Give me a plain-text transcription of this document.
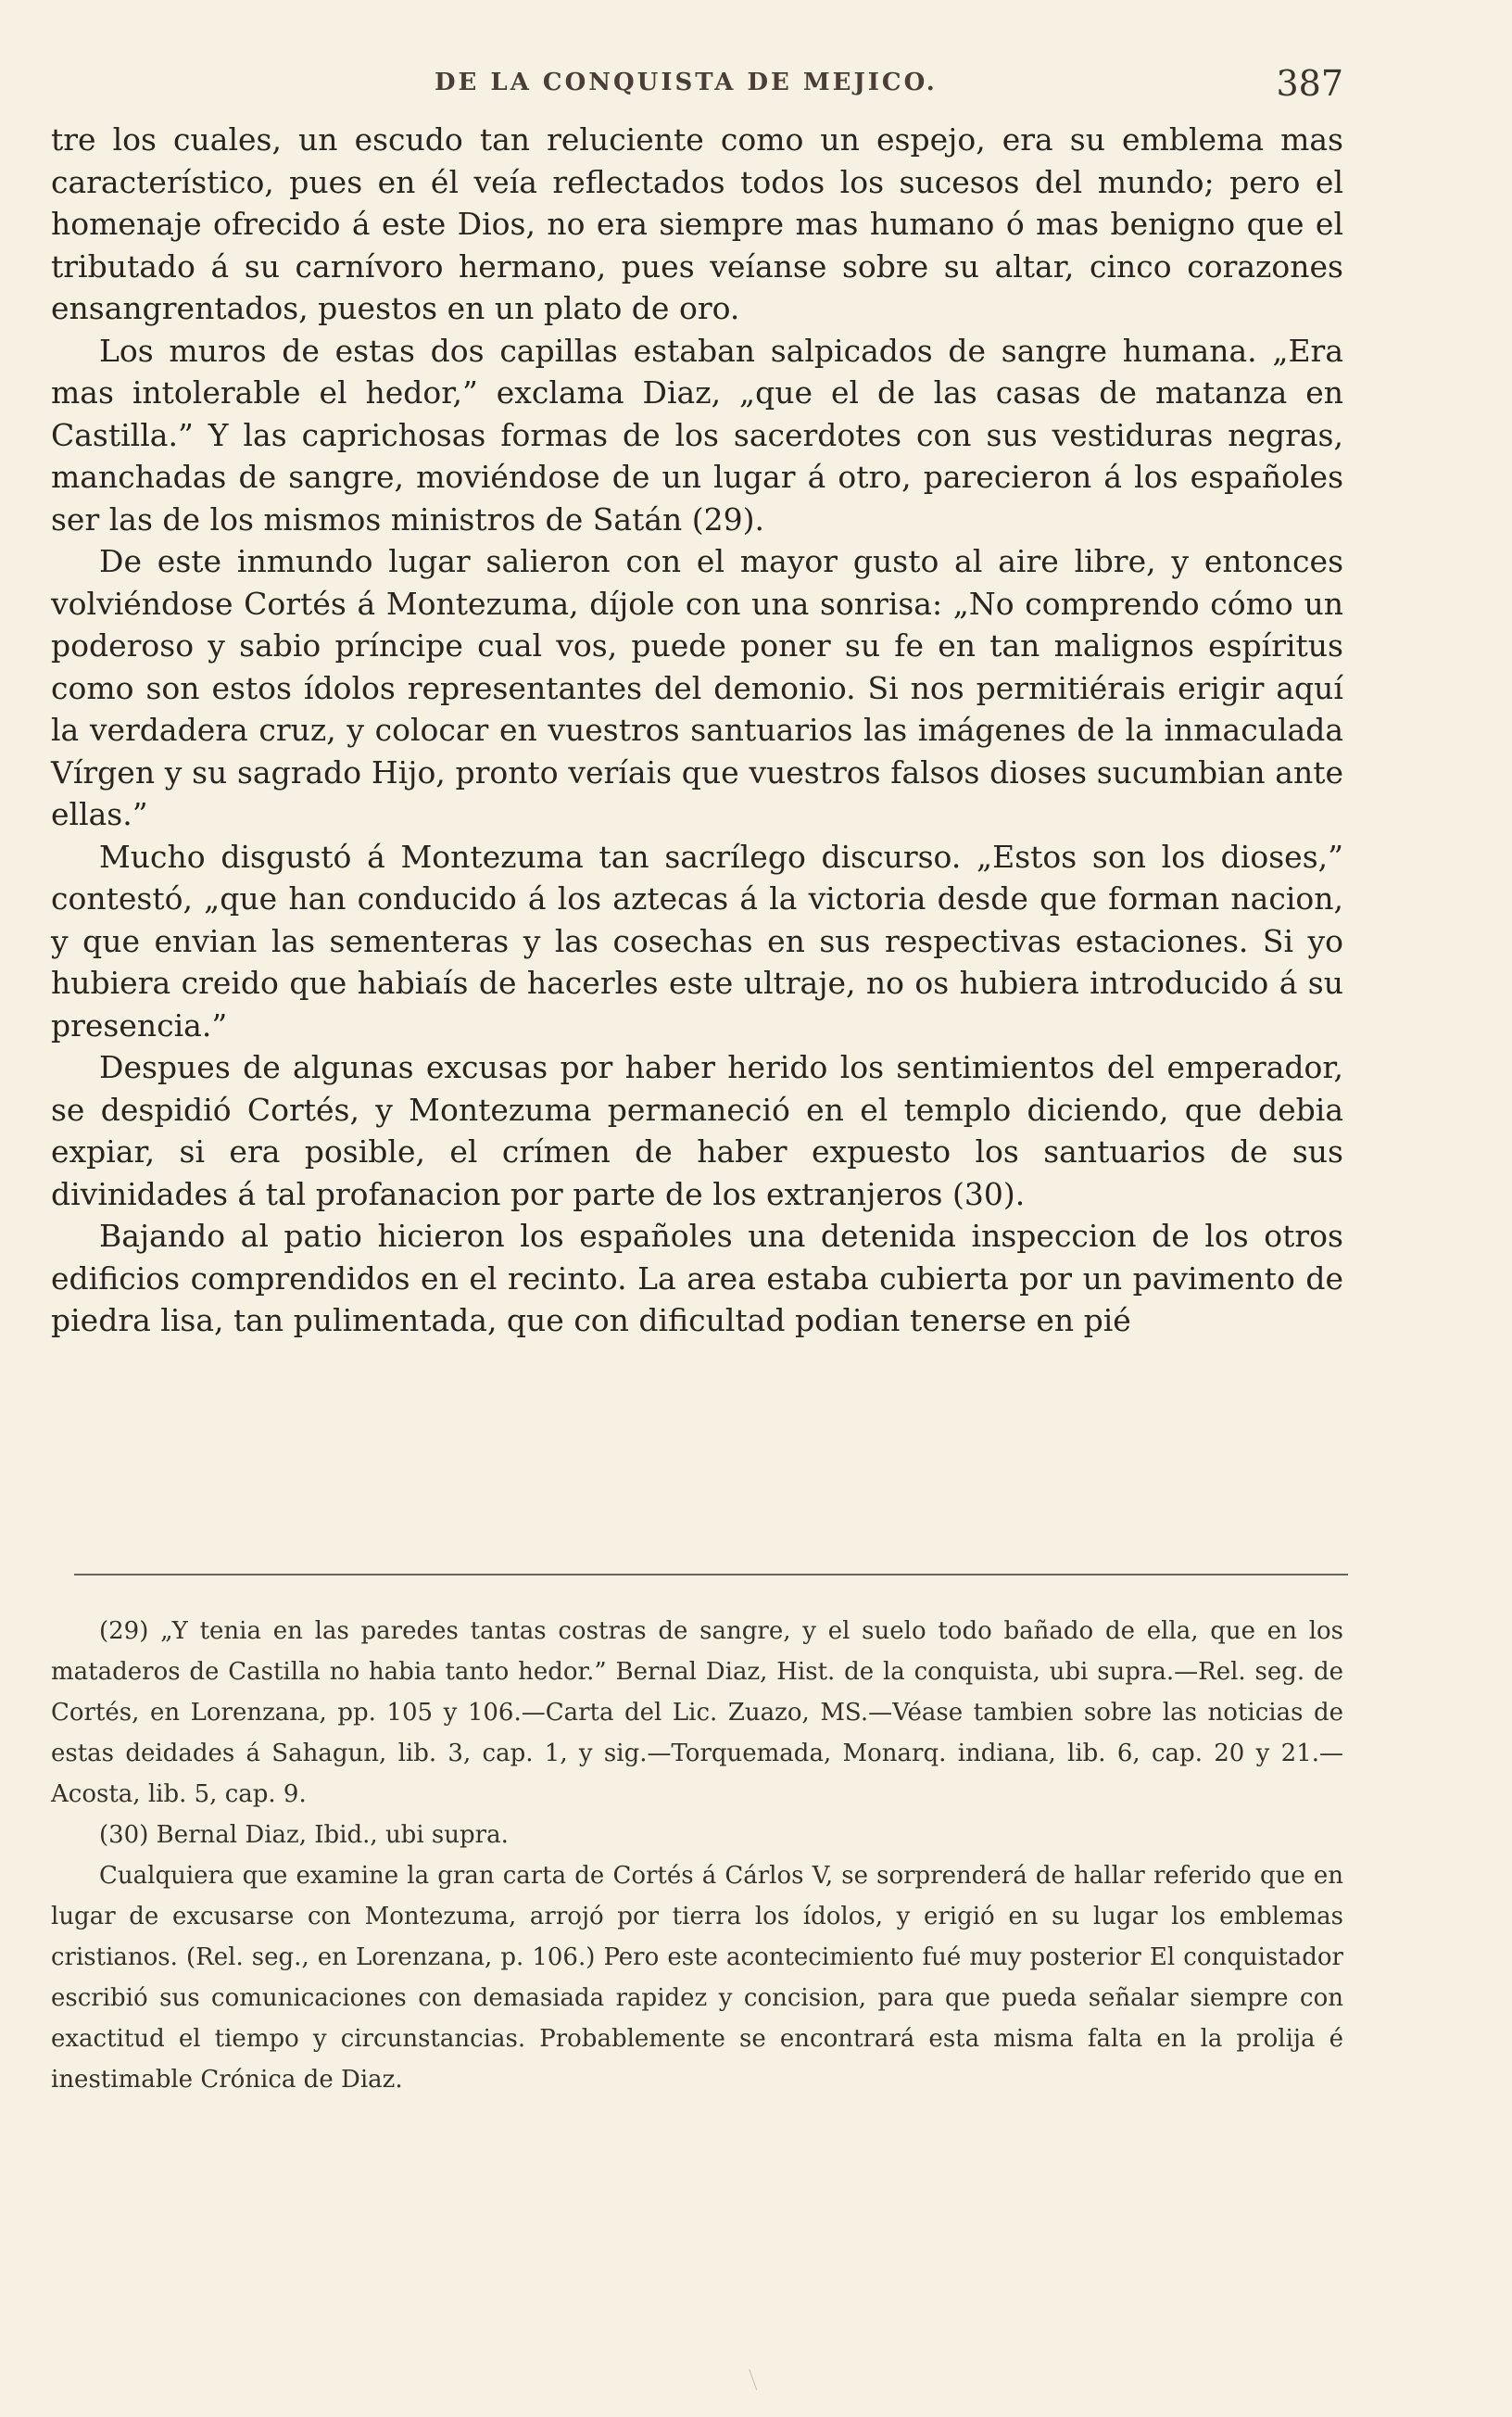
DE LA CONQUISTA DE MEJICO.	387

tre los cuales, un escudo tan reluciente como un espejo, era su emblema mas característico, pues en él veía reflectados todos los sucesos del mundo; pero el homenaje ofrecido á este Dios, no era siempre mas humano ó mas benigno que el tributado á su carnívoro hermano, pues veíanse sobre su altar, cinco corazones ensangrentados, puestos en un plato de oro.

Los muros de estas dos capillas estaban salpicados de sangre humana. „Era mas intolerable el hedor,” exclama Diaz, „que el de las casas de matanza en Castilla.” Y las caprichosas formas de los sacerdotes con sus vestiduras negras, manchadas de sangre, moviéndose de un lugar á otro, parecieron á los españoles ser las de los mismos ministros de Satán (29).

De este inmundo lugar salieron con el mayor gusto al aire libre, y entonces volviéndose Cortés á Montezuma, díjole con una sonrisa: „No comprendo cómo un poderoso y sabio príncipe cual vos, puede poner su fe en tan malignos espíritus como son estos ídolos representantes del demonio. Si nos permitiérais erigir aquí la verdadera cruz, y colocar en vuestros santuarios las imágenes de la inmaculada Vírgen y su sagrado Hijo, pronto veríais que vuestros falsos dioses sucumbian ante ellas.”

Mucho disgustó á Montezuma tan sacrílego discurso. „Estos son los dioses,” contestó, „que han conducido á los aztecas á la victoria desde que forman nacion, y que envian las sementeras y las cosechas en sus respectivas estaciones. Si yo hubiera creido que habiaís de hacerles este ultraje, no os hubiera introducido á su presencia.”

Despues de algunas excusas por haber herido los sentimientos del emperador, se despidió Cortés, y Montezuma permaneció en el templo diciendo, que debia expiar, si era posible, el crímen de haber expuesto los santuarios de sus divinidades á tal profanacion por parte de los extranjeros (30).

Bajando al patio hicieron los españoles una detenida inspeccion de los otros edificios comprendidos en el recinto. La area estaba cubierta por un pavimento de piedra lisa, tan pulimentada, que con dificultad podian tenerse en pié

(29) „Y tenia en las paredes tantas costras de sangre, y el suelo todo bañado de ella, que en los mataderos de Castilla no habia tanto hedor.” Bernal Diaz, Hist. de la conquista, ubi supra.—Rel. seg. de Cortés, en Lorenzana, pp. 105 y 106.—Carta del Lic. Zuazo, MS.—Véase tambien sobre las noticias de estas deidades á Sahagun, lib. 3, cap. 1, y sig.—Torquemada, Monarq. indiana, lib. 6, cap. 20 y 21.—Acosta, lib. 5, cap. 9.

(30) Bernal Diaz, Ibid., ubi supra.

Cualquiera que examine la gran carta de Cortés á Cárlos V, se sorprenderá de hallar referido que en lugar de excusarse con Montezuma, arrojó por tierra los ídolos, y erigió en su lugar los emblemas cristianos. (Rel. seg., en Lorenzana, p. 106.) Pero este acontecimiento fué muy posterior El conquistador escribió sus comunicaciones con demasiada rapidez y concision, para que pueda señalar siempre con exactitud el tiempo y circunstancias. Probablemente se encontrará esta misma falta en la prolija é inestimable Crónica de Diaz.
